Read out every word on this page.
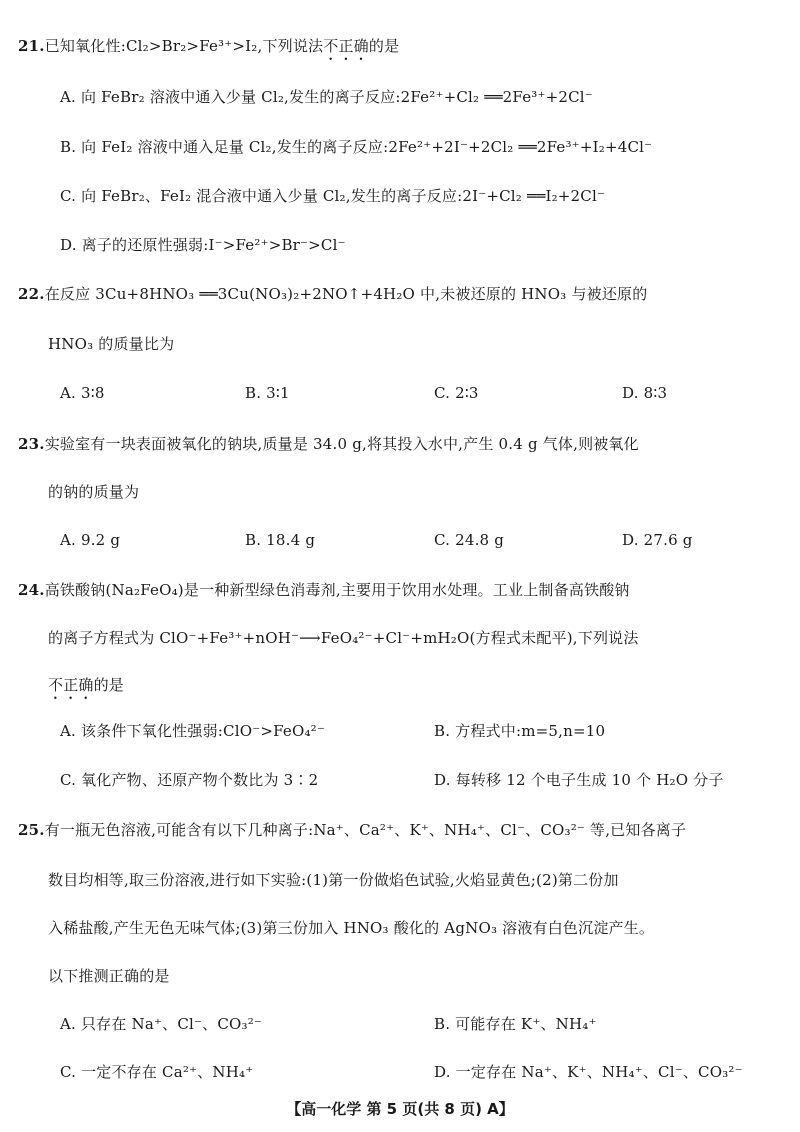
21.已知氧化性:Cl₂>Br₂>Fe³⁺>I₂,下列说法不正确的是
A. 向 FeBr₂ 溶液中通入少量 Cl₂,发生的离子反应:2Fe²⁺+Cl₂ ══2Fe³⁺+2Cl⁻
B. 向 FeI₂ 溶液中通入足量 Cl₂,发生的离子反应:2Fe²⁺+2I⁻+2Cl₂ ══2Fe³⁺+I₂+4Cl⁻
C. 向 FeBr₂、FeI₂ 混合液中通入少量 Cl₂,发生的离子反应:2I⁻+Cl₂ ══I₂+2Cl⁻
D. 离子的还原性强弱:I⁻>Fe²⁺>Br⁻>Cl⁻
22.在反应 3Cu+8HNO₃ ══3Cu(NO₃)₂+2NO↑+4H₂O 中,未被还原的 HNO₃ 与被还原的
HNO₃ 的质量比为
A. 3∶8	B. 3∶1	C. 2∶3	D. 8∶3
23.实验室有一块表面被氧化的钠块,质量是 34.0 g,将其投入水中,产生 0.4 g 气体,则被氧化
的钠的质量为
A. 9.2 g	B. 18.4 g	C. 24.8 g	D. 27.6 g
24.高铁酸钠(Na₂FeO₄)是一种新型绿色消毒剂,主要用于饮用水处理。工业上制备高铁酸钠
的离子方程式为 ClO⁻+Fe³⁺+nOH⁻⟶FeO₄²⁻+Cl⁻+mH₂O(方程式未配平),下列说法
不正确的是
A. 该条件下氧化性强弱:ClO⁻>FeO₄²⁻	B. 方程式中:m=5,n=10
C. 氧化产物、还原产物个数比为 3∶2	D. 每转移 12 个电子生成 10 个 H₂O 分子
25.有一瓶无色溶液,可能含有以下几种离子:Na⁺、Ca²⁺、K⁺、NH₄⁺、Cl⁻、CO₃²⁻ 等,已知各离子
数目均相等,取三份溶液,进行如下实验:(1)第一份做焰色试验,火焰显黄色;(2)第二份加
入稀盐酸,产生无色无味气体;(3)第三份加入 HNO₃ 酸化的 AgNO₃ 溶液有白色沉淀产生。
以下推测正确的是
A. 只存在 Na⁺、Cl⁻、CO₃²⁻	B. 可能存在 K⁺、NH₄⁺
C. 一定不存在 Ca²⁺、NH₄⁺	D. 一定存在 Na⁺、K⁺、NH₄⁺、Cl⁻、CO₃²⁻
【高一化学 第 5 页(共 8 页) A】
